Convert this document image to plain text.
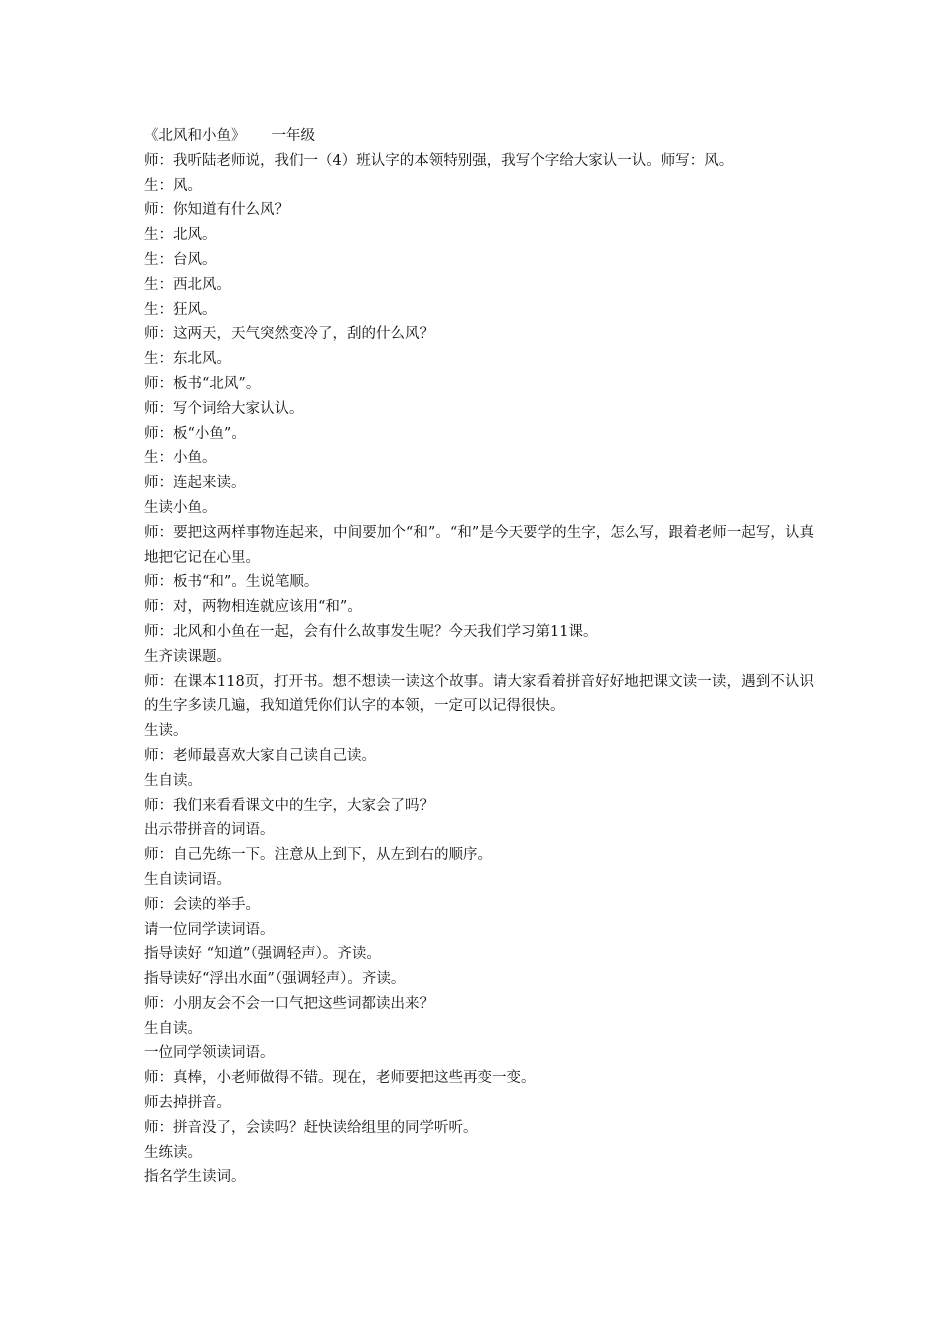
《北风和小鱼》 一年级

师：我听陆老师说，我们一（4）班认字的本领特别强，我写个字给大家认一认。师写：风。

生：风。

师：你知道有什么风？

生：北风。

生：台风。

生：西北风。

生：狂风。

师：这两天，天气突然变冷了，刮的什么风？

生：东北风。

师：板书“北风”。

师：写个词给大家认认。

师：板“小鱼”。

生：小鱼。

师：连起来读。

生读小鱼。

师：要把这两样事物连起来，中间要加个“和”。“和”是今天要学的生字，怎么写，跟着老师一起写，认真地把它记在心里。

师：板书“和”。生说笔顺。

师：对，两物相连就应该用“和”。

师：北风和小鱼在一起，会有什么故事发生呢？今天我们学习第11课。

生齐读课题。

师：在课本118页，打开书。想不想读一读这个故事。请大家看着拼音好好地把课文读一读，遇到不认识的生字多读几遍，我知道凭你们认字的本领，一定可以记得很快。

生读。

师：老师最喜欢大家自己读自己读。

生自读。

师：我们来看看课文中的生字，大家会了吗？

出示带拼音的词语。

师：自己先练一下。注意从上到下，从左到右的顺序。

生自读词语。

师：会读的举手。

请一位同学读词语。

指导读好 “知道”（强调轻声）。齐读。

指导读好“浮出水面”（强调轻声）。齐读。

师：小朋友会不会一口气把这些词都读出来？

生自读。

一位同学领读词语。

师：真棒，小老师做得不错。现在，老师要把这些再变一变。

师去掉拼音。

师：拼音没了，会读吗？赶快读给组里的同学听听。

生练读。

指名学生读词。
